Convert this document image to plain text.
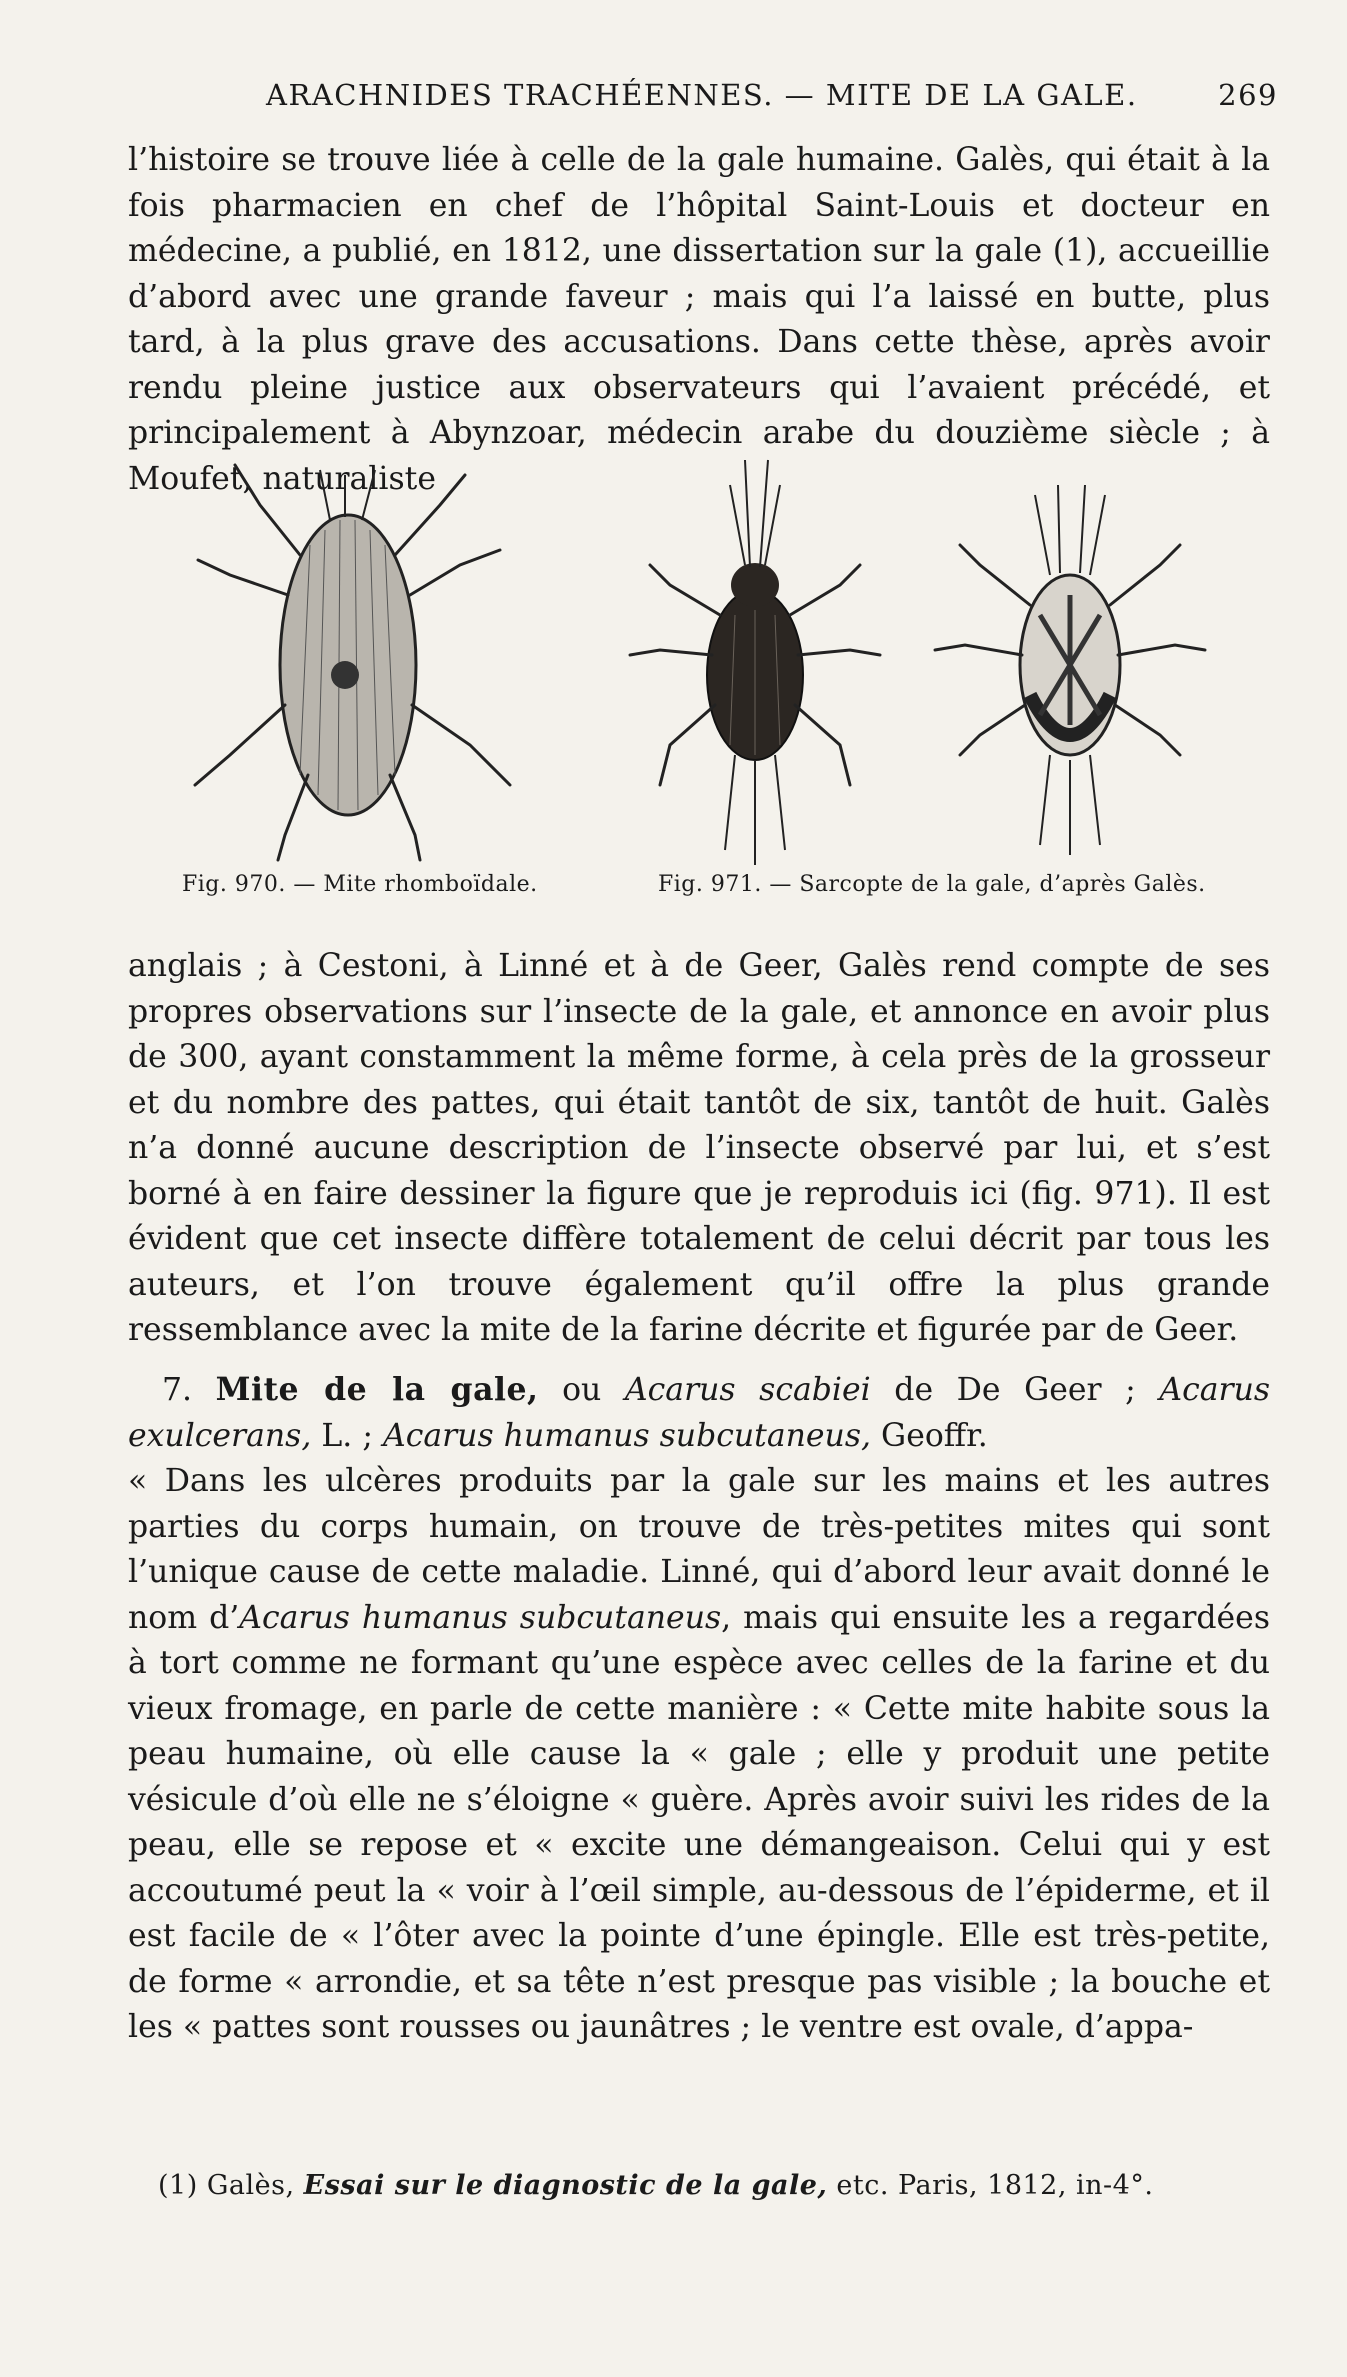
ARACHNIDES TRACHÉENNES. — MITE DE LA GALE.	269

l’histoire se trouve liée à celle de la gale humaine. Galès, qui était à la fois pharmacien en chef de l’hôpital Saint-Louis et docteur en médecine, a publié, en 1812, une dissertation sur la gale (1), accueillie d’abord avec une grande faveur ; mais qui l’a laissé en butte, plus tard, à la plus grave des accusations. Dans cette thèse, après avoir rendu pleine justice aux observateurs qui l’avaient précédé, et principalement à Abynzoar, médecin arabe du douzième siècle ; à Moufet, naturaliste

Fig. 970. — Mite rhomboïdale.	Fig. 971. — Sarcopte de la gale, d’après Galès.

anglais ; à Cestoni, à Linné et à de Geer, Galès rend compte de ses propres observations sur l’insecte de la gale, et annonce en avoir plus de 300, ayant constamment la même forme, à cela près de la grosseur et du nombre des pattes, qui était tantôt de six, tantôt de huit. Galès n’a donné aucune description de l’insecte observé par lui, et s’est borné à en faire dessiner la figure que je reproduis ici (fig. 971). Il est évident que cet insecte diffère totalement de celui décrit par tous les auteurs, et l’on trouve également qu’il offre la plus grande ressemblance avec la mite de la farine décrite et figurée par de Geer.

7. Mite de la gale, ou Acarus scabiei de De Geer ; Acarus exulcerans, L. ; Acarus humanus subcutaneus, Geoffr.

« Dans les ulcères produits par la gale sur les mains et les autres parties du corps humain, on trouve de très-petites mites qui sont l’unique cause de cette maladie. Linné, qui d’abord leur avait donné le nom d’Acarus humanus subcutaneus, mais qui ensuite les a regardées à tort comme ne formant qu’une espèce avec celles de la farine et du vieux fromage, en parle de cette manière : « Cette mite habite sous la peau humaine, où elle cause la « gale ; elle y produit une petite vésicule d’où elle ne s’éloigne « guère. Après avoir suivi les rides de la peau, elle se repose et « excite une démangeaison. Celui qui y est accoutumé peut la « voir à l’œil simple, au-dessous de l’épiderme, et il est facile de « l’ôter avec la pointe d’une épingle. Elle est très-petite, de forme « arrondie, et sa tête n’est presque pas visible ; la bouche et les « pattes sont rousses ou jaunâtres ; le ventre est ovale, d’appa-

(1) Galès, Essai sur le diagnostic de la gale, etc. Paris, 1812, in-4°.
